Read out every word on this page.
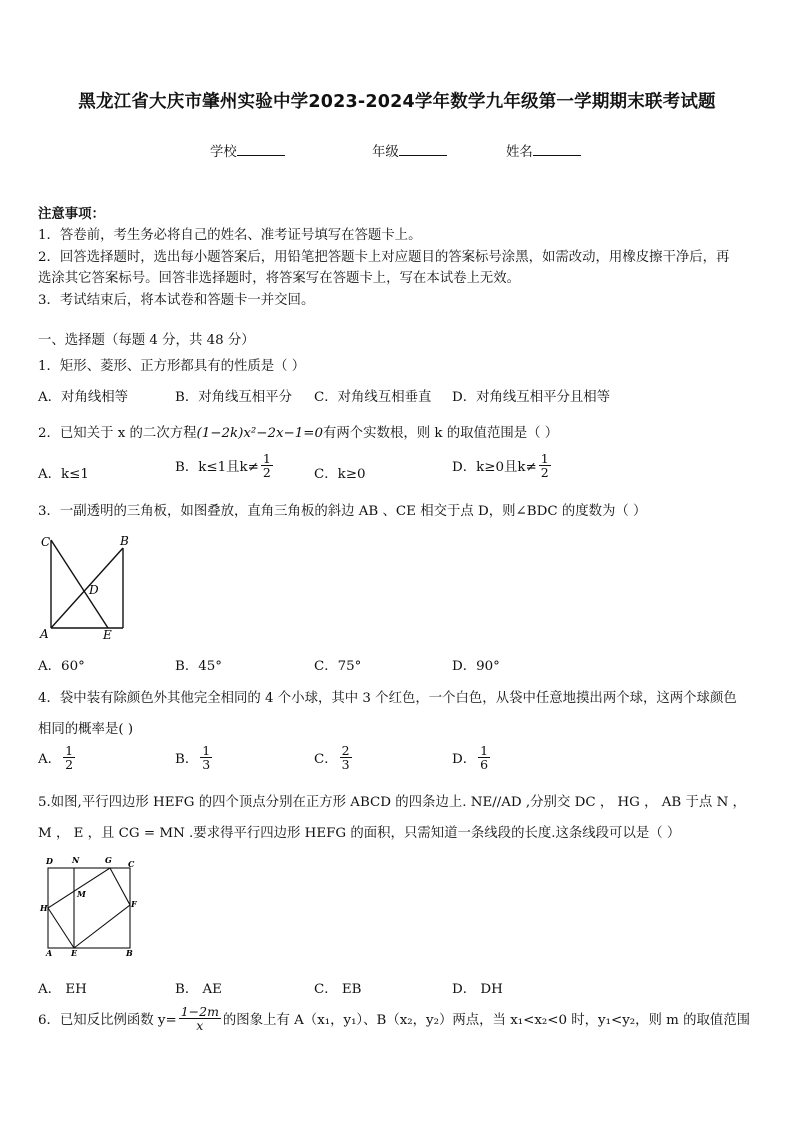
黑龙江省大庆市肇州实验中学2023-2024学年数学九年级第一学期期末联考试题
学校	年级	姓名
注意事项：
1．答卷前，考生务必将自己的姓名、准考证号填写在答题卡上。
2．回答选择题时，选出每小题答案后，用铅笔把答题卡上对应题目的答案标号涂黑，如需改动，用橡皮擦干净后，再
选涂其它答案标号。回答非选择题时，将答案写在答题卡上，写在本试卷上无效。
3．考试结束后，将本试卷和答题卡一并交回。
一、选择题（每题 4 分，共 48 分）
1．矩形、菱形、正方形都具有的性质是（ ）
A．对角线相等	B．对角线互相平分 C．对角线互相垂直 D．对角线互相平分且相等
2．已知关于 x 的二次方程(1−2k)x²−2x−1=0有两个实数根，则 k 的取值范围是（ ）
A．k≤1	B．k≤1且$k\ne \frac{1}{2}$	C．k≥0	D．k≥0且$k\ne \frac{1}{2}$
3．一副透明的三角板，如图叠放，直角三角板的斜边 AB 、CE 相交于点 D，则∠BDC 的度数为（ ）
C	B
D
A	E
A．60°	B．45°	C．75°	D．90°
4．袋中装有除颜色外其他完全相同的 4 个小球，其中 3 个红色，一个白色，从袋中任意地摸出两个球，这两个球颜色
相同的概率是( )
A． $\frac{1}{2}$	B． $\frac{1}{3}$	C． $\frac{2}{3}$	D． $\frac{1}{6}$
5.如图,平行四边形 HEFG 的四个顶点分别在正方形 ABCD 的四条边上. NE//AD ,分别交 DC ， HG ， AB 于点 N ，
M ， E ，且 CG = MN .要求得平行四边形 HEFG 的面积，只需知道一条线段的长度.这条线段可以是（ ）
D N	G C
M
H	F
A E	B
A． EH	B． AE	C． EB	D． DH
6．已知反比例函数 $y= \frac{1-2m}{x}$ 的图象上有 A（x₁，y₁）、B（x₂，y₂）两点，当 x₁<x₂<0 时，y₁<y₂，则 m 的取值范围
